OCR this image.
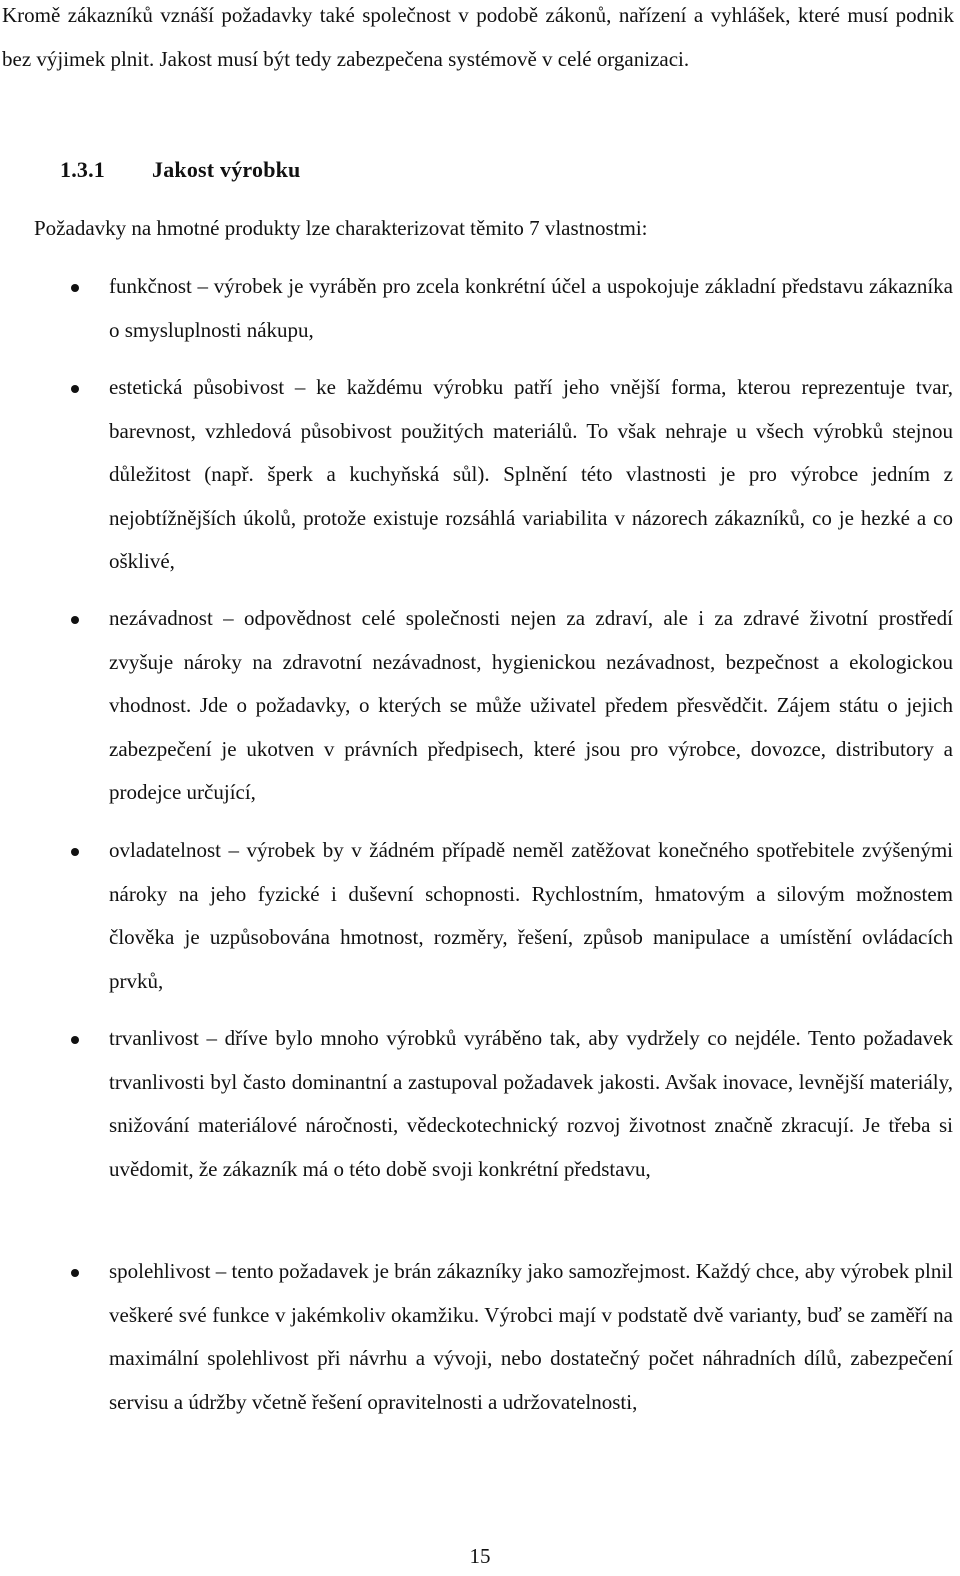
Kromě zákazníků vznáší požadavky také společnost v podobě zákonů, nařízení a vyhlášek, které musí podnik bez výjimek plnit. Jakost musí být tedy zabezpečena systémově v celé organizaci.

1.3.1 Jakost výrobku

Požadavky na hmotné produkty lze charakterizovat těmito 7 vlastnostmi:

funkčnost – výrobek je vyráběn pro zcela konkrétní účel a uspokojuje základní představu zákazníka o smysluplnosti nákupu,

estetická působivost – ke každému výrobku patří jeho vnější forma, kterou reprezentuje tvar, barevnost, vzhledová působivost použitých materiálů. To však nehraje u všech výrobků stejnou důležitost (např. šperk a kuchyňská sůl). Splnění této vlastnosti je pro výrobce jedním z nejobtížnějších úkolů, protože existuje rozsáhlá variabilita v názorech zákazníků, co je hezké a co ošklivé,

nezávadnost – odpovědnost celé společnosti nejen za zdraví, ale i za zdravé životní prostředí zvyšuje nároky na zdravotní nezávadnost, hygienickou nezávadnost, bezpečnost a ekologickou vhodnost. Jde o požadavky, o kterých se může uživatel předem přesvědčit. Zájem státu o jejich zabezpečení je ukotven v právních předpisech, které jsou pro výrobce, dovozce, distributory a prodejce určující,

ovladatelnost – výrobek by v žádném případě neměl zatěžovat konečného spotřebitele zvýšenými nároky na jeho fyzické i duševní schopnosti. Rychlostním, hmatovým a silovým možnostem člověka je uzpůsobována hmotnost, rozměry, řešení, způsob manipulace a umístění ovládacích prvků,

trvanlivost – dříve bylo mnoho výrobků vyráběno tak, aby vydržely co nejdéle. Tento požadavek trvanlivosti byl často dominantní a zastupoval požadavek jakosti. Avšak inovace, levnější materiály, snižování materiálové náročnosti, vědeckotechnický rozvoj životnost značně zkracují. Je třeba si uvědomit, že zákazník má o této době svoji konkrétní představu,

spolehlivost – tento požadavek je brán zákazníky jako samozřejmost. Každý chce, aby výrobek plnil veškeré své funkce v jakémkoliv okamžiku. Výrobci mají v podstatě dvě varianty, buď se zaměří na maximální spolehlivost při návrhu a vývoji, nebo dostatečný počet náhradních dílů, zabezpečení servisu a údržby včetně řešení opravitelnosti a udržovatelnosti,

15
